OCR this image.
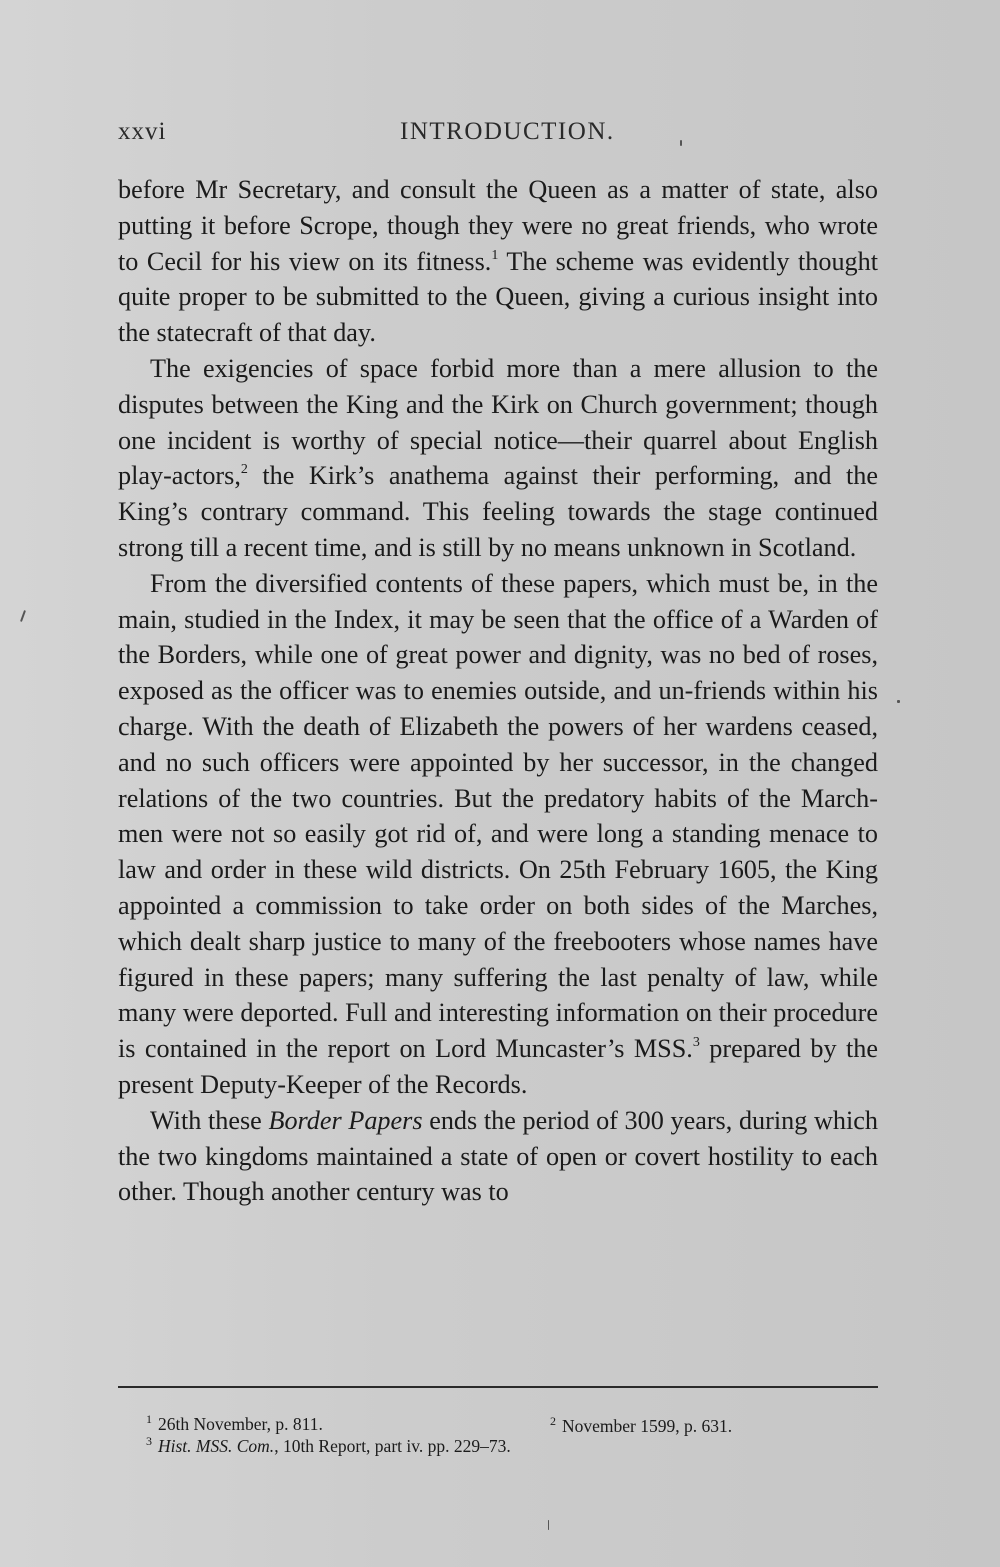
xxvi	INTRODUCTION.

before Mr Secretary, and consult the Queen as a matter of state, also putting it before Scrope, though they were no great friends, who wrote to Cecil for his view on its fitness.$^1$ The scheme was evidently thought quite proper to be submitted to the Queen, giving a curious insight into the statecraft of that day.

The exigencies of space forbid more than a mere allusion to the disputes between the King and the Kirk on Church government; though one incident is worthy of special notice—their quarrel about English play-actors,$^2$ the Kirk’s anathema against their performing, and the King’s contrary command. This feeling towards the stage continued strong till a recent time, and is still by no means unknown in Scotland.

From the diversified contents of these papers, which must be, in the main, studied in the Index, it may be seen that the office of a Warden of the Borders, while one of great power and dignity, was no bed of roses, exposed as the officer was to enemies outside, and un-friends within his charge. With the death of Elizabeth the powers of her wardens ceased, and no such officers were appointed by her successor, in the changed relations of the two countries. But the predatory habits of the March-men were not so easily got rid of, and were long a standing menace to law and order in these wild districts. On 25th February 1605, the King appointed a commission to take order on both sides of the Marches, which dealt sharp justice to many of the freebooters whose names have figured in these papers; many suffering the last penalty of law, while many were deported. Full and interesting information on their procedure is contained in the report on Lord Muncaster’s MSS.$^3$ prepared by the present Deputy-Keeper of the Records.

With these Border Papers ends the period of 300 years, during which the two kingdoms maintained a state of open or covert hostility to each other. Though another century was to

$^1$ 26th November, p. 811.	$^2$ November 1599, p. 631.
$^3$ Hist. MSS. Com., 10th Report, part iv. pp. 229–73.
